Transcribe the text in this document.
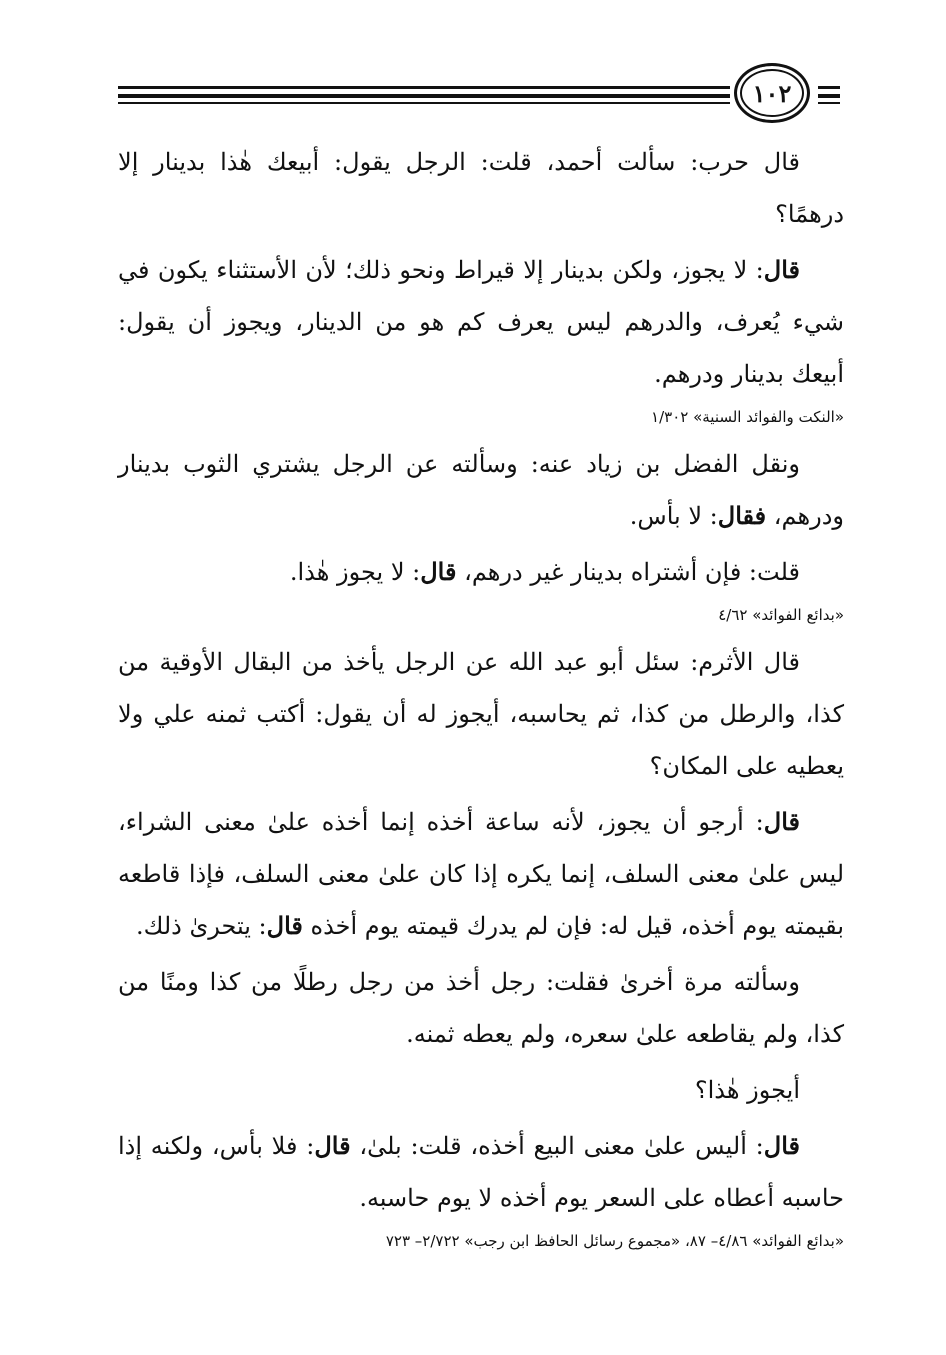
١٠٢

قال حرب: سألت أحمد، قلت: الرجل يقول: أبيعك هٰذا بدينار إلا درهمًا؟

قال: لا يجوز، ولكن بدينار إلا قيراط ونحو ذلك؛ لأن الأستثناء يكون في شيء يُعرف، والدرهم ليس يعرف كم هو من الدينار، ويجوز أن يقول: أبيعك بدينار ودرهم.

«النكت والفوائد السنية» ١/٣٠٢

ونقل الفضل بن زياد عنه: وسألته عن الرجل يشتري الثوب بدينار ودرهم، فقال: لا بأس.

قلت: فإن أشتراه بدينار غير درهم، قال: لا يجوز هٰذا.

«بدائع الفوائد» ٤/٦٢

قال الأثرم: سئل أبو عبد الله عن الرجل يأخذ من البقال الأوقية من كذا، والرطل من كذا، ثم يحاسبه، أيجوز له أن يقول: أكتب ثمنه علي ولا يعطيه على المكان؟

قال: أرجو أن يجوز، لأنه ساعة أخذه إنما أخذه علىٰ معنى الشراء، ليس علىٰ معنى السلف، إنما يكره إذا كان علىٰ معنى السلف، فإذا قاطعه بقيمته يوم أخذه، قيل له: فإن لم يدرك قيمته يوم أخذه قال: يتحرىٰ ذلك.

وسألته مرة أخرىٰ فقلت: رجل أخذ من رجل رطلًا من كذا ومنًا من كذا، ولم يقاطعه علىٰ سعره، ولم يعطه ثمنه.

أيجوز هٰذا؟

قال: أليس علىٰ معنى البيع أخذه، قلت: بلىٰ، قال: فلا بأس، ولكنه إذا حاسبه أعطاه على السعر يوم أخذه لا يوم حاسبه.

«بدائع الفوائد» ٤/٨٦– ٨٧، «مجموع رسائل الحافظ ابن رجب» ٢/٧٢٢– ٧٢٣
